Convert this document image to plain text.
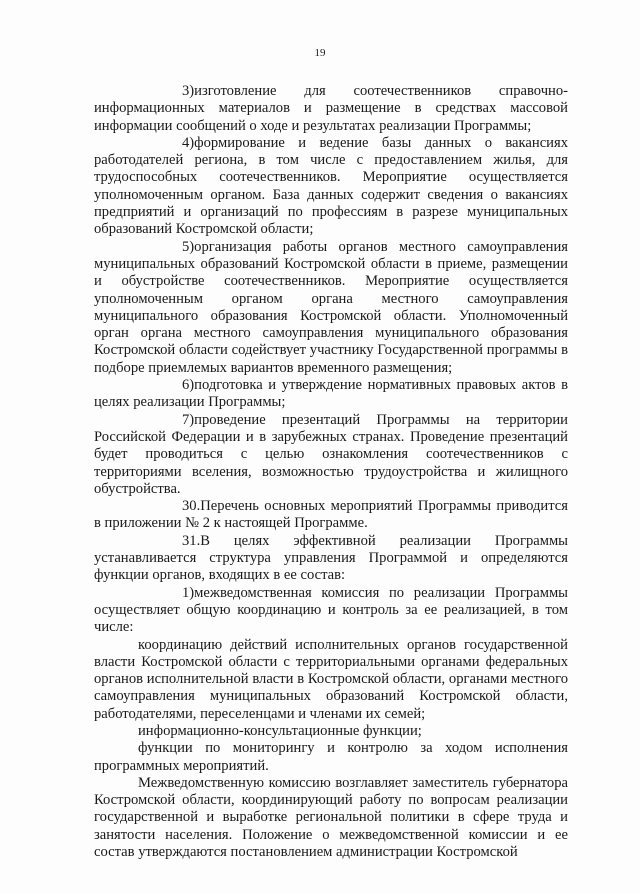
19

3)изготовление для соотечественников справочно-информационных материалов и размещение в средствах массовой информации сообщений о ходе и результатах реализации Программы;

4)формирование и ведение базы данных о вакансиях работодателей региона, в том числе с предоставлением жилья, для трудоспособных соотечественников. Мероприятие осуществляется уполномоченным органом. База данных содержит сведения о вакансиях предприятий и организаций по профессиям в разрезе муниципальных образований Костромской области;

5)организация работы органов местного самоуправления муниципальных образований Костромской области в приеме, размещении и обустройстве соотечественников. Мероприятие осуществляется уполномоченным органом органа местного самоуправления муниципального образования Костромской области. Уполномоченный орган органа местного самоуправления муниципального образования Костромской области содействует участнику Государственной программы в подборе приемлемых вариантов временного размещения;

6)подготовка и утверждение нормативных правовых актов в целях реализации Программы;

7)проведение презентаций Программы на территории Российской Федерации и в зарубежных странах. Проведение презентаций будет проводиться с целью ознакомления соотечественников с территориями вселения, возможностью трудоустройства и жилищного обустройства.

30.Перечень основных мероприятий Программы приводится в приложении № 2 к настоящей Программе.

31.В целях эффективной реализации Программы устанавливается структура управления Программой и определяются функции органов, входящих в ее состав:

1)межведомственная комиссия по реализации Программы осуществляет общую координацию и контроль за ее реализацией, в том числе:

координацию действий исполнительных органов государственной власти Костромской области с территориальными органами федеральных органов исполнительной власти в Костромской области, органами местного самоуправления муниципальных образований Костромской области, работодателями, переселенцами и членами их семей;

информационно-консультационные функции;

функции по мониторингу и контролю за ходом исполнения программных мероприятий.

Межведомственную комиссию возглавляет заместитель губернатора Костромской области, координирующий работу по вопросам реализации государственной и выработке региональной политики в сфере труда и занятости населения. Положение о межведомственной комиссии и ее состав утверждаются постановлением администрации Костромской
